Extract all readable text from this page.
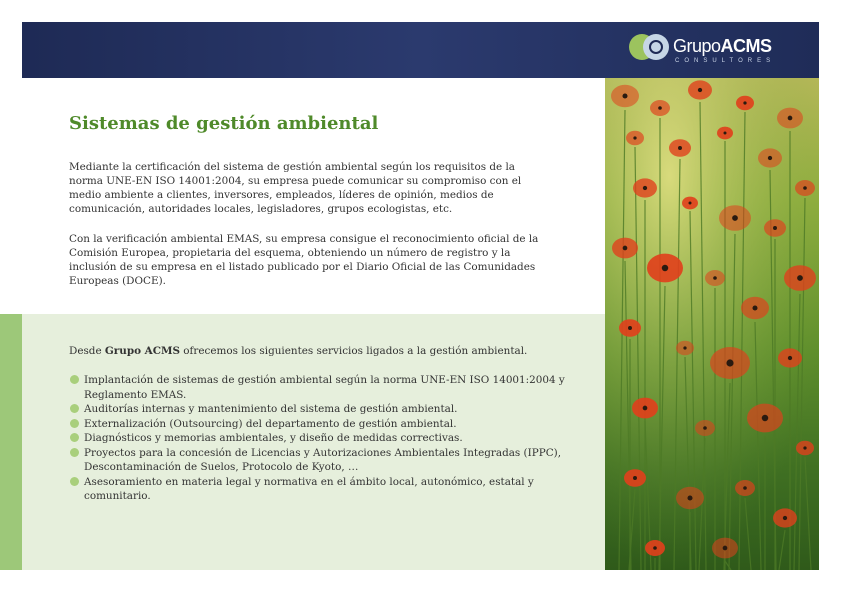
GrupoACMS
CONSULTORES
Sistemas de gestión ambiental

Mediante la certificación del sistema de gestión ambiental según los requisitos de la norma UNE-EN ISO 14001:2004, su empresa puede comunicar su compromiso con el medio ambiente a clientes, inversores, empleados, líderes de opinión, medios de comunicación, autoridades locales, legisladores, grupos ecologistas, etc.

Con la verificación ambiental EMAS, su empresa consigue el reconocimiento oficial de la Comisión Europea, propietaria del esquema, obteniendo un número de registro y la inclusión de su empresa en el listado publicado por el Diario Oficial de las Comunidades Europeas (DOCE).

Desde Grupo ACMS ofrecemos los siguientes servicios ligados a la gestión ambiental.

Implantación de sistemas de gestión ambiental según la norma UNE-EN ISO 14001:2004 y Reglamento EMAS.
Auditorías internas y mantenimiento del sistema de gestión ambiental.
Externalización (Outsourcing) del departamento de gestión ambiental.
Diagnósticos y memorias ambientales, y diseño de medidas correctivas.
Proyectos para la concesión de Licencias y Autorizaciones Ambientales Integradas (IPPC), Descontaminación de Suelos, Protocolo de Kyoto, …
Asesoramiento en materia legal y normativa en el ámbito local, autonómico, estatal y comunitario.
